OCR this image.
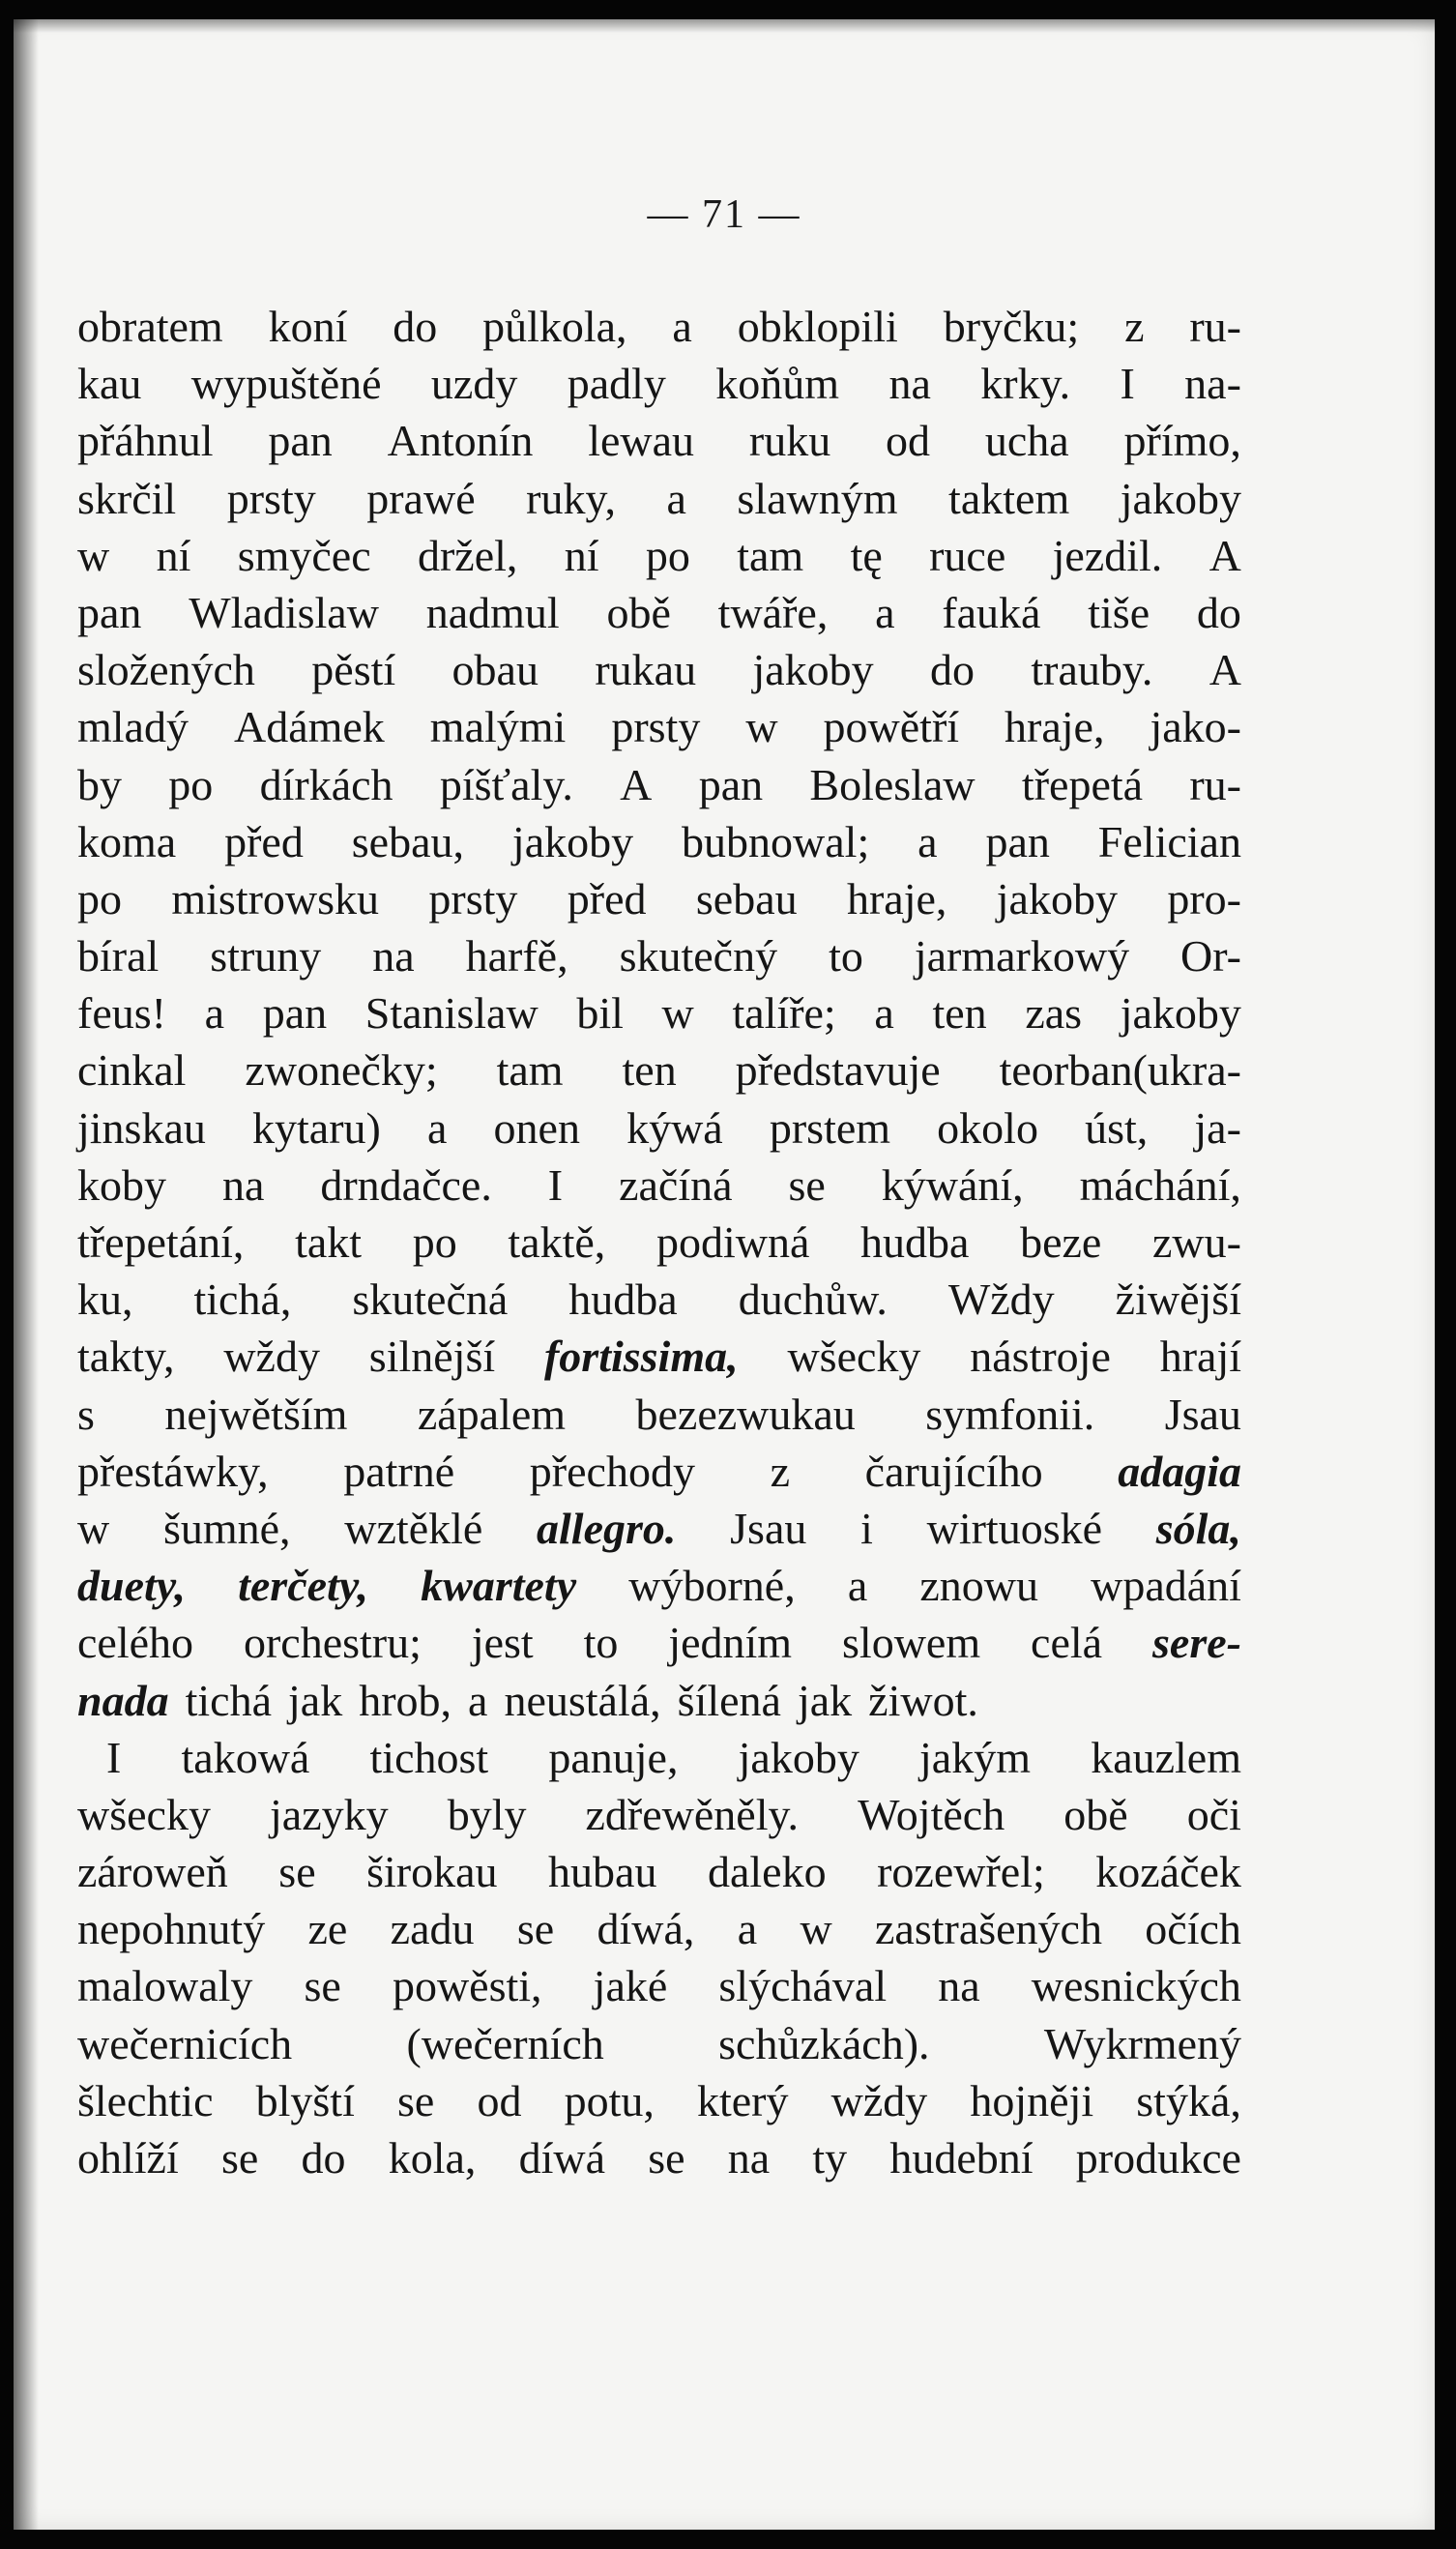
— 71 —
obratem koní do půlkola, a obklopili bryčku; z ru-
kau wypuštěné uzdy padly koňům na krky. I na-
přáhnul pan Antonín lewau ruku od ucha přímo,
skrčil prsty prawé ruky, a slawným taktem jakoby
w ní smyčec držel, ní po tam tę ruce jezdil. A
pan Wladislaw nadmul obě twáře, a fauká tiše do
složených pěstí obau rukau jakoby do trauby. A
mladý Adámek malými prsty w powětří hraje, jako-
by po dírkách píšťaly. A pan Boleslaw třepetá ru-
koma před sebau, jakoby bubnowal; a pan Felician
po mistrowsku prsty před sebau hraje, jakoby pro-
bíral struny na harfě, skutečný to jarmarkowý Or-
feus! a pan Stanislaw bil w talíře; a ten zas jakoby
cinkal zwonečky; tam ten představuje teorban(ukra-
jinskau kytaru) a onen kýwá prstem okolo úst, ja-
koby na drndačce. I začíná se kýwání, máchání,
třepetání, takt po taktě, podiwná hudba beze zwu-
ku, tichá, skutečná hudba duchůw. Wždy žiwější
takty, wždy silnější fortissima, wšecky nástroje hrají
s nejwětším zápalem bezezwukau symfonii. Jsau
přestáwky, patrné přechody z čarujícího adagia
w šumné, wztěklé allegro. Jsau i wirtuoské sóla,
duety, terčety, kwartety wýborné, a znowu wpadání
celého orchestru; jest to jedním slowem celá sere-
nada tichá jak hrob, a neustálá, šílená jak žiwot.
I takowá tichost panuje, jakoby jakým kauzlem
wšecky jazyky byly zdřewěněly. Wojtěch obě oči
zároweň se širokau hubau daleko rozewřel; kozáček
nepohnutý ze zadu se díwá, a w zastrašených očích
malowaly se powěsti, jaké slýchával na wesnických
wečernicích	(wečerních	schůzkách).	Wykrmený
šlechtic blyští se od potu, který wždy hojněji stýká,
ohlíží se do kola, díwá se na ty hudební produkce
